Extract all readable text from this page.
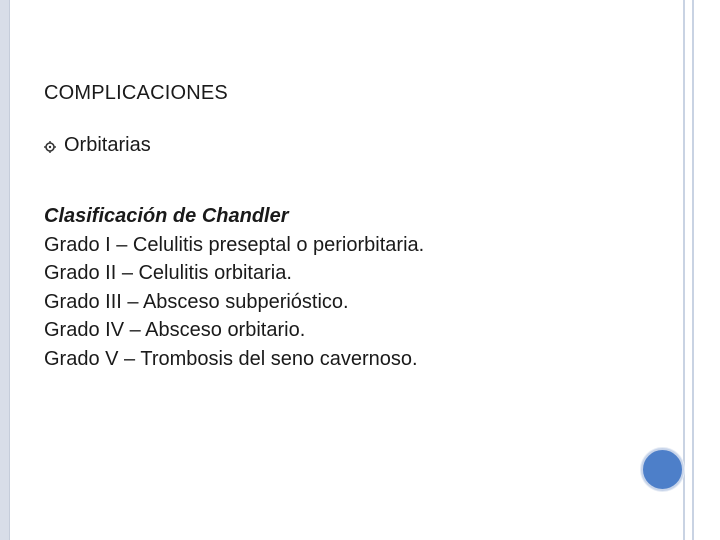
COMPLICACIONES
Orbitarias
Clasificación de Chandler
Grado I – Celulitis preseptal o periorbitaria.
Grado II – Celulitis orbitaria.
Grado III – Absceso subperióstico.
Grado IV – Absceso orbitario.
Grado V – Trombosis del seno cavernoso.
